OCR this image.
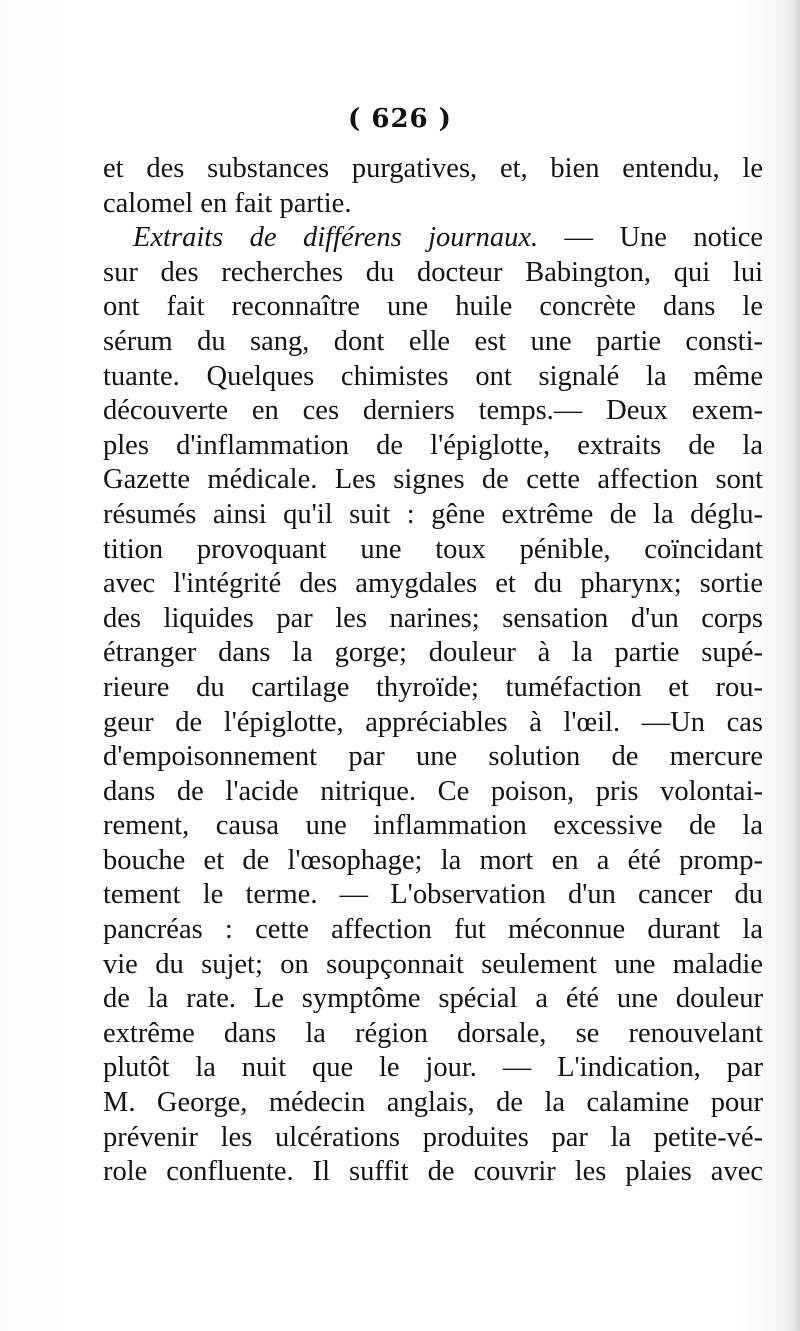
( 626 )
et des substances purgatives, et, bien entendu, le
calomel en fait partie.
Extraits de différens journaux. — Une notice
sur des recherches du docteur Babington, qui lui
ont fait reconnaître une huile concrète dans le
sérum du sang, dont elle est une partie consti-
tuante. Quelques chimistes ont signalé la même
découverte en ces derniers temps.— Deux exem-
ples d'inflammation de l'épiglotte, extraits de la
Gazette médicale. Les signes de cette affection sont
résumés ainsi qu'il suit : gêne extrême de la déglu-
tition provoquant une toux pénible, coïncidant
avec l'intégrité des amygdales et du pharynx; sortie
des liquides par les narines; sensation d'un corps
étranger dans la gorge; douleur à la partie supé-
rieure du cartilage thyroïde; tuméfaction et rou-
geur de l'épiglotte, appréciables à l'œil. —Un cas
d'empoisonnement par une solution de mercure
dans de l'acide nitrique. Ce poison, pris volontai-
rement, causa une inflammation excessive de la
bouche et de l'œsophage; la mort en a été promp-
tement le terme. — L'observation d'un cancer du
pancréas : cette affection fut méconnue durant la
vie du sujet; on soupçonnait seulement une maladie
de la rate. Le symptôme spécial a été une douleur
extrême dans la région dorsale, se renouvelant
plutôt la nuit que le jour. — L'indication, par
M. George, médecin anglais, de la calamine pour
prévenir les ulcérations produites par la petite-vé-
role confluente. Il suffit de couvrir les plaies avec
